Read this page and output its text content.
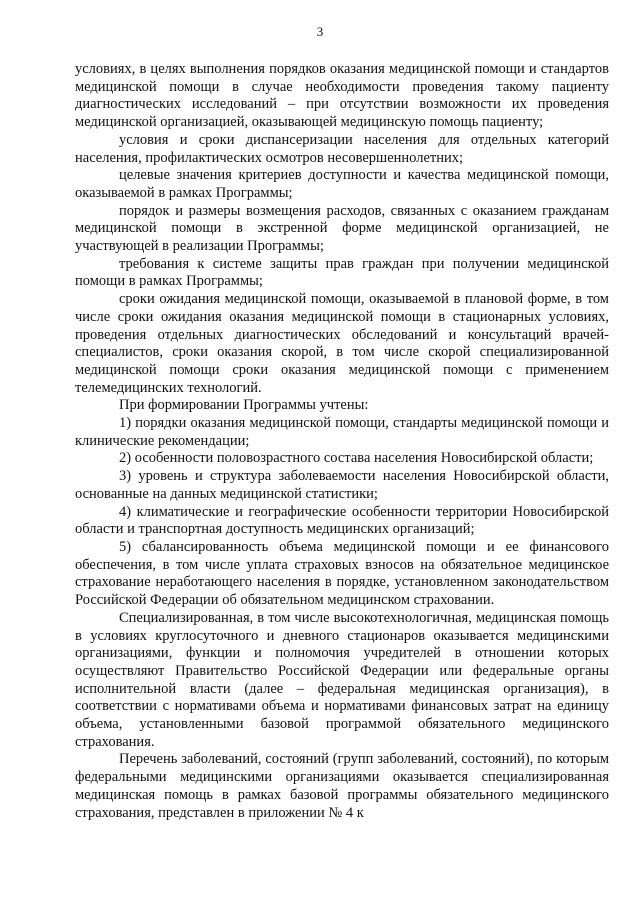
3

условиях, в целях выполнения порядков оказания медицинской помощи и стандартов медицинской помощи в случае необходимости проведения такому пациенту диагностических исследований – при отсутствии возможности их проведения медицинской организацией, оказывающей медицинскую помощь пациенту;

условия и сроки диспансеризации населения для отдельных категорий населения, профилактических осмотров несовершеннолетних;

целевые значения критериев доступности и качества медицинской помощи, оказываемой в рамках Программы;

порядок и размеры возмещения расходов, связанных с оказанием гражданам медицинской помощи в экстренной форме медицинской организацией, не участвующей в реализации Программы;

требования к системе защиты прав граждан при получении медицинской помощи в рамках Программы;

сроки ожидания медицинской помощи, оказываемой в плановой форме, в том числе сроки ожидания оказания медицинской помощи в стационарных условиях, проведения отдельных диагностических обследований и консультаций врачей-специалистов, сроки оказания скорой, в том числе скорой специализированной медицинской помощи сроки оказания медицинской помощи с применением телемедицинских технологий.

При формировании Программы учтены:

1) порядки оказания медицинской помощи, стандарты медицинской помощи и клинические рекомендации;

2) особенности половозрастного состава населения Новосибирской области;

3) уровень и структура заболеваемости населения Новосибирской области, основанные на данных медицинской статистики;

4) климатические и географические особенности территории Новосибирской области и транспортная доступность медицинских организаций;

5) сбалансированность объема медицинской помощи и ее финансового обеспечения, в том числе уплата страховых взносов на обязательное медицинское страхование неработающего населения в порядке, установленном законодательством Российской Федерации об обязательном медицинском страховании.

Специализированная, в том числе высокотехнологичная, медицинская помощь в условиях круглосуточного и дневного стационаров оказывается медицинскими организациями, функции и полномочия учредителей в отношении которых осуществляют Правительство Российской Федерации или федеральные органы исполнительной власти (далее – федеральная медицинская организация), в соответствии с нормативами объема и нормативами финансовых затрат на единицу объема, установленными базовой программой обязательного медицинского страхования.

Перечень заболеваний, состояний (групп заболеваний, состояний), по которым федеральными медицинскими организациями оказывается специализированная медицинская помощь в рамках базовой программы обязательного медицинского страхования, представлен в приложении № 4 к
